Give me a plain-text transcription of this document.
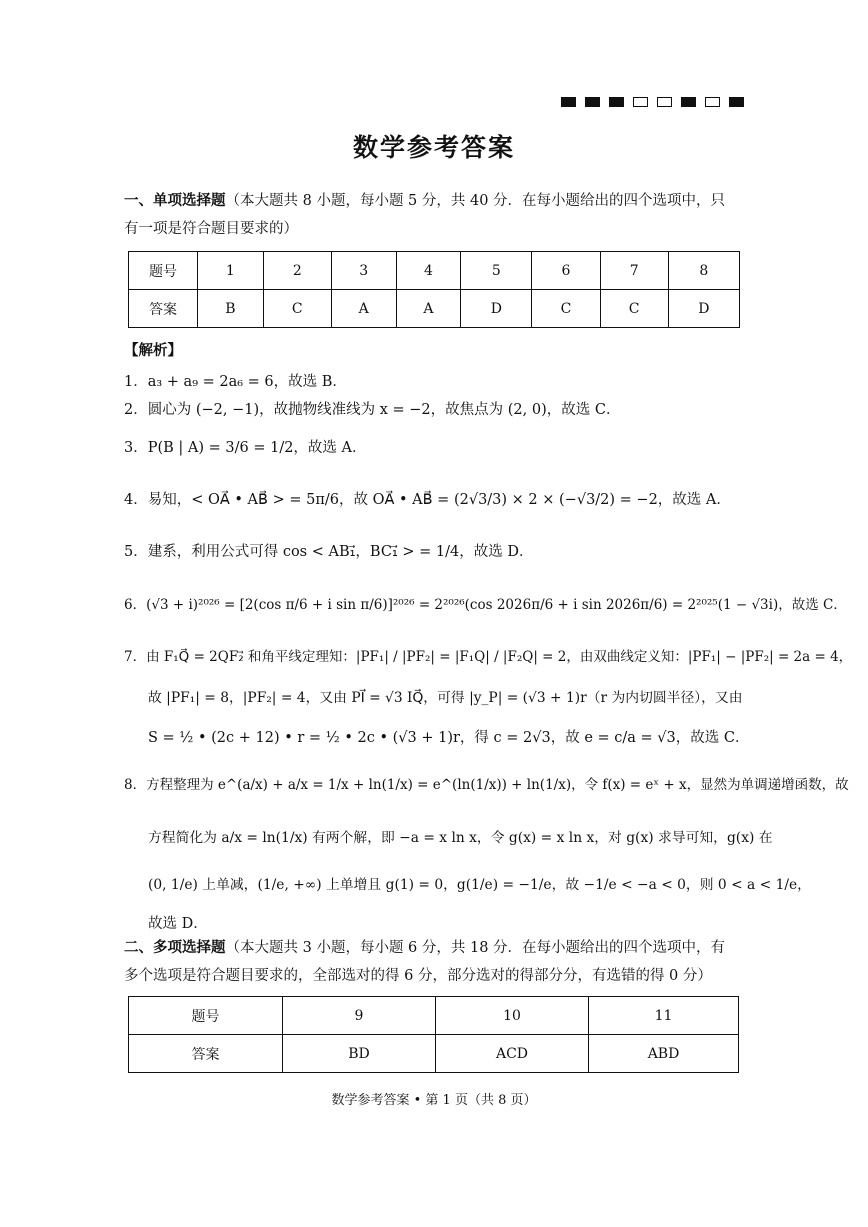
数学参考答案
一、单项选择题（本大题共 8 小题，每小题 5 分，共 40 分．在每小题给出的四个选项中，只
有一项是符合题目要求的）
题号	1	2	3	4	5	6	7	8
答案	B	C	A	A	D	C	C	D
【解析】
1．a₃ + a₉ = 2a₆ = 6，故选 B．
2．圆心为 (−2, −1)，故抛物线准线为 x = −2，故焦点为 (2, 0)，故选 C．
3．P(B | A) = 3/6 = 1/2，故选 A．
4．易知，< OA⃗ • AB⃗ > = 5π/6，故 OA⃗ • AB⃗ = (2√3/3) × 2 × (−√3/2) = −2，故选 A．
5．建系，利用公式可得 cos < AB₁⃗，BC₁⃗ > = 1/4，故选 D．
6．(√3 + i)²⁰²⁶ = [2(cos π/6 + i sin π/6)]²⁰²⁶ = 2²⁰²⁶(cos 2026π/6 + i sin 2026π/6) = 2²⁰²⁵(1 − √3i)，故选 C．
7．由 F₁Q⃗ = 2QF₂⃗ 和角平线定理知：|PF₁| / |PF₂| = |F₁Q| / |F₂Q| = 2，由双曲线定义知：|PF₁| − |PF₂| = 2a = 4，
故 |PF₁| = 8，|PF₂| = 4，又由 PI⃗ = √3 IQ⃗，可得 |y_P| = (√3 + 1)r（r 为内切圆半径），又由
S = ½ • (2c + 12) • r = ½ • 2c • (√3 + 1)r，得 c = 2√3，故 e = c/a = √3，故选 C．
8．方程整理为 e^(a/x) + a/x = 1/x + ln(1/x) = e^(ln(1/x)) + ln(1/x)，令 f(x) = eˣ + x，显然为单调递增函数，故
方程简化为 a/x = ln(1/x) 有两个解，即 −a = x ln x，令 g(x) = x ln x，对 g(x) 求导可知，g(x) 在
(0, 1/e) 上单减，(1/e, +∞) 上单增且 g(1) = 0，g(1/e) = −1/e，故 −1/e < −a < 0，则 0 < a < 1/e，
故选 D．
二、多项选择题（本大题共 3 小题，每小题 6 分，共 18 分．在每小题给出的四个选项中，有
多个选项是符合题目要求的，全部选对的得 6 分，部分选对的得部分分，有选错的得 0 分）
题号	9	10	11
答案	BD	ACD	ABD
数学参考答案 • 第 1 页（共 8 页）
